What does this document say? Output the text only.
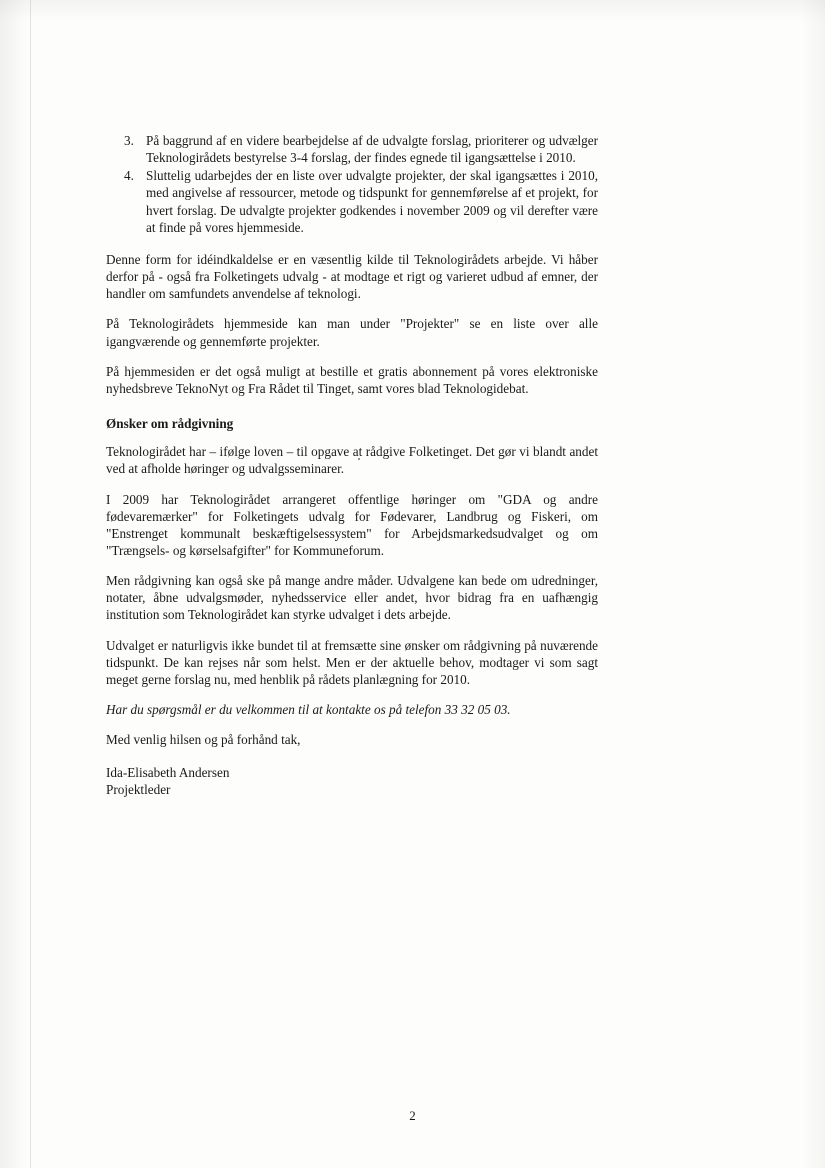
3. På baggrund af en videre bearbejdelse af de udvalgte forslag, prioriterer og udvælger Teknologirådets bestyrelse 3-4 forslag, der findes egnede til igangsættelse i 2010.
4. Sluttelig udarbejdes der en liste over udvalgte projekter, der skal igangsættes i 2010, med angivelse af ressourcer, metode og tidspunkt for gennemførelse af et projekt, for hvert forslag. De udvalgte projekter godkendes i november 2009 og vil derefter være at finde på vores hjemmeside.

Denne form for idéindkaldelse er en væsentlig kilde til Teknologirådets arbejde. Vi håber derfor på - også fra Folketingets udvalg - at modtage et rigt og varieret udbud af emner, der handler om samfundets anvendelse af teknologi.

På Teknologirådets hjemmeside kan man under "Projekter" se en liste over alle igangværende og gennemførte projekter.

På hjemmesiden er det også muligt at bestille et gratis abonnement på vores elektroniske nyhedsbreve TeknoNyt og Fra Rådet til Tinget, samt vores blad Teknologidebat.

Ønsker om rådgivning

Teknologirådet har – ifølge loven – til opgave at rådgive Folketinget. Det gør vi blandt andet ved at afholde høringer og udvalgsseminarer.

I 2009 har Teknologirådet arrangeret offentlige høringer om "GDA og andre fødevaremærker" for Folketingets udvalg for Fødevarer, Landbrug og Fiskeri, om "Enstrenget kommunalt beskæftigelsessystem" for Arbejdsmarkedsudvalget og om "Trængsels- og kørselsafgifter" for Kommuneforum.

Men rådgivning kan også ske på mange andre måder. Udvalgene kan bede om udredninger, notater, åbne udvalgsmøder, nyhedsservice eller andet, hvor bidrag fra en uafhængig institution som Teknologirådet kan styrke udvalget i dets arbejde.

Udvalget er naturligvis ikke bundet til at fremsætte sine ønsker om rådgivning på nuværende tidspunkt. De kan rejses når som helst. Men er der aktuelle behov, modtager vi som sagt meget gerne forslag nu, med henblik på rådets planlægning for 2010.

Har du spørgsmål er du velkommen til at kontakte os på telefon 33 32 05 03.

Med venlig hilsen og på forhånd tak,

Ida-Elisabeth Andersen
Projektleder
2
